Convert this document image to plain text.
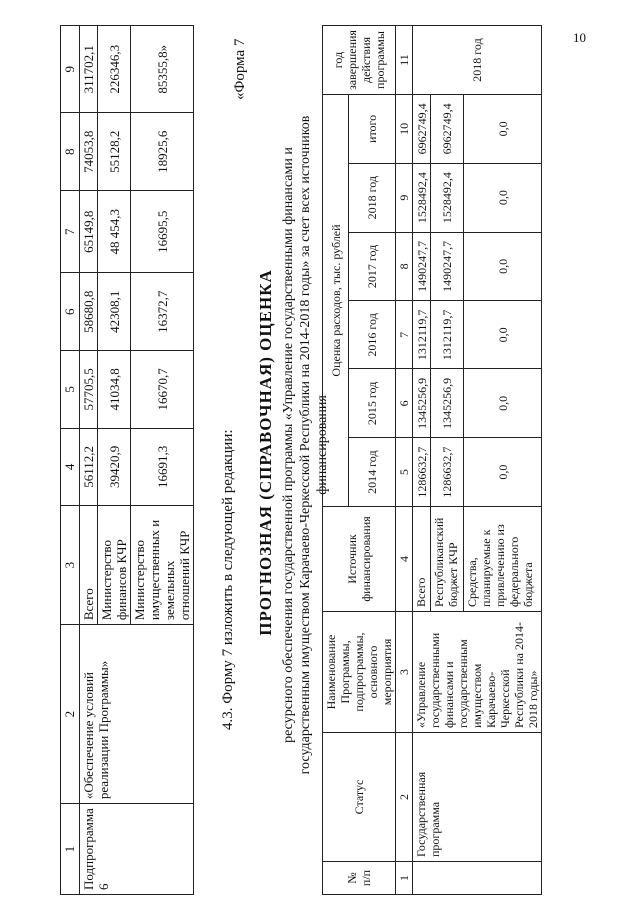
10
1	2	3	4	5	6	7	8	9
Подпрограмма 6	«Обеспечение условий реализации Программы»	Всего	56112,2	57705,5	58680,8	65149,8	74053,8	311702,1
		Министерство финансов КЧР	39420,9	41034,8	42308,1	48 454,3	55128,2	226346,3
		Министерство имущественных и земельных отношений КЧР	16691,3	16670,7	16372,7	16695,5	18925,6	85355,8»
4.3. Форму 7 изложить в следующей редакции:
«Форма 7
ПРОГНОЗНАЯ (СПРАВОЧНАЯ) ОЦЕНКА ресурсного обеспечения государственной программы «Управление государственными финансами и государственным имуществом Карачаево-Черкесской Республики на 2014-2018 годы» за счет всех источников финансирования
№ п/п	Статус	Наименование Программы, подпрограммы, основного мероприятия	Источник финансирования	Оценка расходов, тыс. рублей						год завершения действия программы
				2014 год	2015 год	2016 год	2017 год	2018 год	итого	
1	2	3	4	5	6	7	8	9	10	11
	Государственная программа	«Управление государственными финансами и государственным имуществом Карачаево-Черкесской Республики на 2014-2018 годы»	Всего	1286632,7	1345256,9	1312119,7	1490247,7	1528492,4	6962749,4	2018 год
			Республиканский бюджет КЧР	1286632,7	1345256,9	1312119,7	1490247,7	1528492,4	6962749,4	
			Средства, планируемые к привлечению из федерального бюджета	0,0	0,0	0,0	0,0	0,0	0,0	
